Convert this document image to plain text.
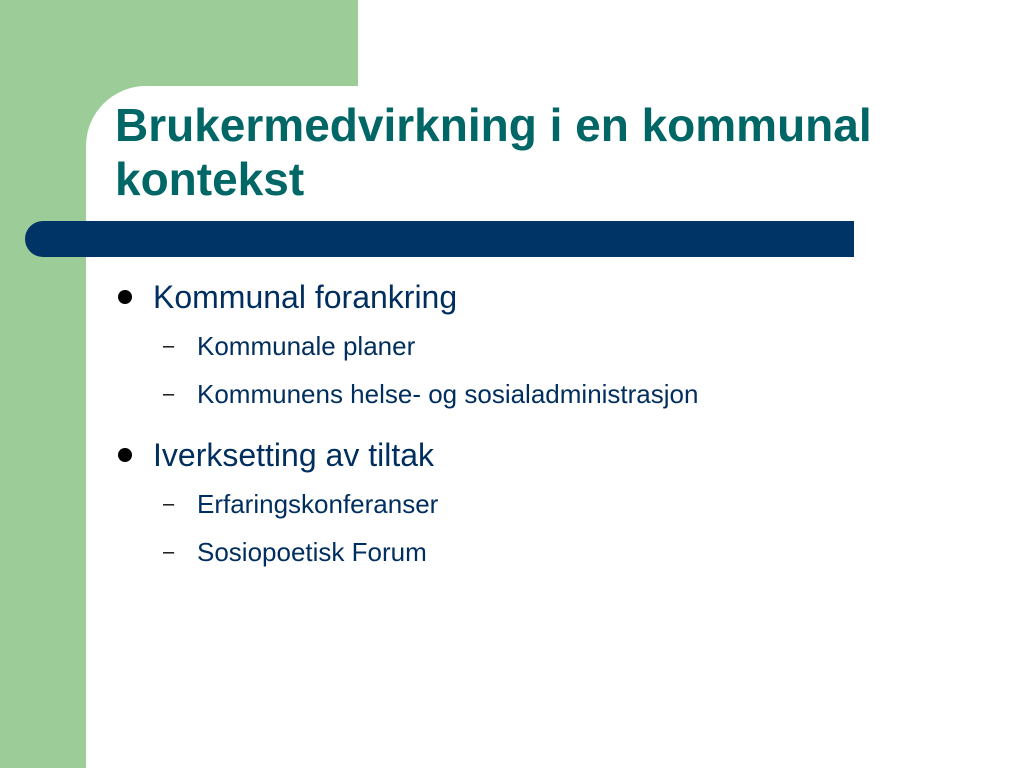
Brukermedvirkning i en kommunal
kontekst
Kommunal forankring
– Kommunale planer
– Kommunens helse- og sosialadministrasjon
Iverksetting av tiltak
– Erfaringskonferanser
– Sosiopoetisk Forum
